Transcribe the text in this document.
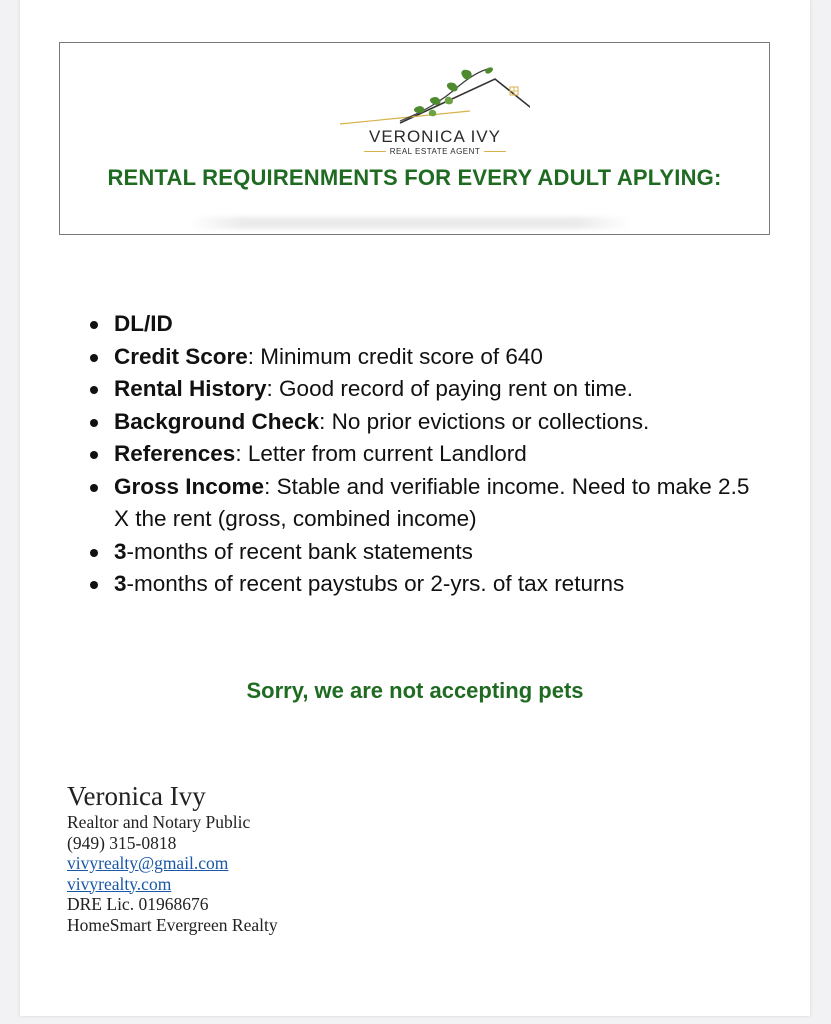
VERONICA IVY
REAL ESTATE AGENT
RENTAL REQUIRENMENTS FOR EVERY ADULT APLYING:
DL/ID
Credit Score: Minimum credit score of 640
Rental History: Good record of paying rent on time.
Background Check: No prior evictions or collections.
References: Letter from current Landlord
Gross Income: Stable and verifiable income. Need to make 2.5 X the rent (gross, combined income)
3-months of recent bank statements
3-months of recent paystubs or 2-yrs. of tax returns
Sorry, we are not accepting pets
Veronica Ivy
Realtor and Notary Public
(949) 315-0818
vivyrealty@gmail.com
vivyrealty.com
DRE Lic. 01968676
HomeSmart Evergreen Realty
